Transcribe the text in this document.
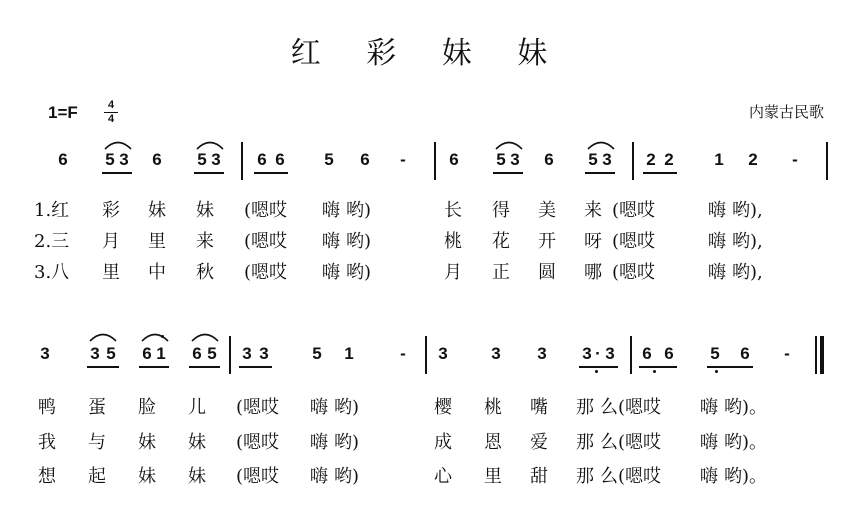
红 彩 妹 妹
1=F	4
4	内蒙古民歌
6 5 3 6 5 3 6 6 5 6 -	6 5 3 6 5 3 2 2 1 2 -
1.红 彩 妹 妹 (嗯哎 嗨 哟)	长 得 美 来 (嗯哎	嗨 哟),
2.三 月 里 来 (嗯哎 嗨 哟)	桃 花 开 呀 (嗯哎	嗨 哟),
3.八 里 中 秋 (嗯哎 嗨 哟)	月 正 圆 哪 (嗯哎	嗨 哟),
3 3 5 6 1 6 5 3 3	5 1	- 3	3 3 3 · 3 6 6 5 6 -
鸭 蛋 脸 儿 (嗯哎 嗨 哟)	樱 桃 嘴 那 么(嗯哎 嗨 哟)。
我 与 妹 妹 (嗯哎 嗨 哟)	成 恩 爱 那 么(嗯哎 嗨 哟)。
想 起 妹 妹 (嗯哎 嗨 哟)	心 里 甜 那 么(嗯哎 嗨 哟)。
